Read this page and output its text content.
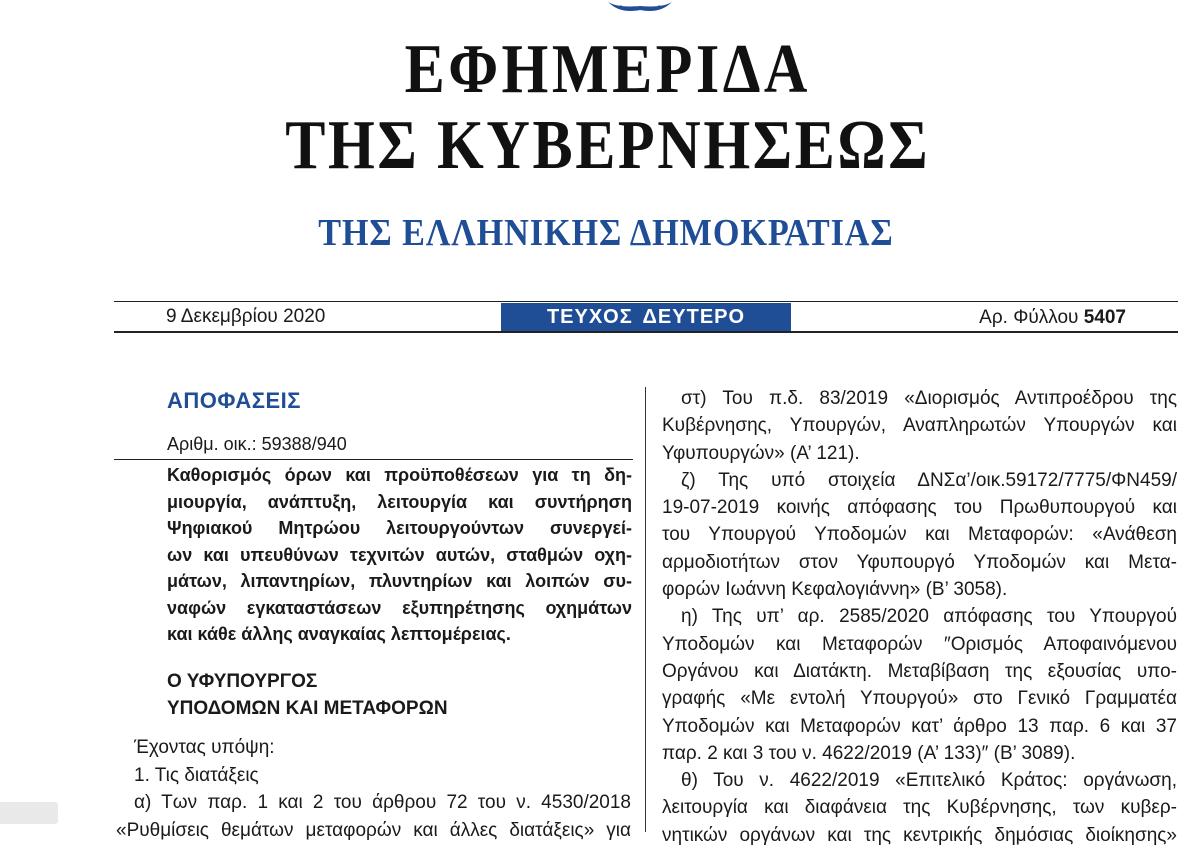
ΕΦΗΜΕΡΙΔΑ
ΤΗΣ ΚΥΒΕΡΝΗΣΕΩΣ
ΤΗΣ ΕΛΛΗΝΙΚΗΣ ΔΗΜΟΚΡΑΤΙΑΣ
9 Δεκεμβρίου 2020	ΤΕΥΧΟΣ ΔΕΥΤΕΡΟ	Αρ. Φύλλου 5407
ΑΠΟΦΑΣΕΙΣ
Αριθμ. οικ.: 59388/940
Καθορισμός όρων και προϋποθέσεων για τη δη-
μιουργία, ανάπτυξη, λειτουργία και συντήρηση
Ψηφιακού Μητρώου λειτουργούντων συνεργεί-
ων και υπευθύνων τεχνιτών αυτών, σταθμών οχη-
μάτων, λιπαντηρίων, πλυντηρίων και λοιπών συ-
ναφών εγκαταστάσεων εξυπηρέτησης οχημάτων
και κάθε άλλης αναγκαίας λεπτομέρειας.
Ο ΥΦΥΠΟΥΡΓΟΣ
ΥΠΟΔΟΜΩΝ ΚΑΙ ΜΕΤΑΦΟΡΩΝ
Έχοντας υπόψη:
1. Τις διατάξεις
α) Των παρ. 1 και 2 του άρθρου 72 του ν. 4530/2018
«Ρυθμίσεις θεμάτων μεταφορών και άλλες διατάξεις» για
στ) Του π.δ. 83/2019 «Διορισμός Αντιπροέδρου της
Κυβέρνησης, Υπουργών, Αναπληρωτών Υπουργών και
Υφυπουργών» (Α’ 121).
ζ) Της υπό στοιχεία ΔΝΣα’/οικ.59172/7775/ΦΝ459/
19-07-2019 κοινής απόφασης του Πρωθυπουργού και
του Υπουργού Υποδομών και Μεταφορών: «Ανάθεση
αρμοδιοτήτων στον Υφυπουργό Υποδομών και Μετα-
φορών Ιωάννη Κεφαλογιάννη» (Β’ 3058).
η) Της υπ’ αρ. 2585/2020 απόφασης του Υπουργού
Υποδομών και Μεταφορών ″Ορισμός Αποφαινόμενου
Οργάνου και Διατάκτη. Μεταβίβαση της εξουσίας υπο-
γραφής «Με εντολή Υπουργού» στο Γενικό Γραμματέα
Υποδομών και Μεταφορών κατ’ άρθρο 13 παρ. 6 και 37
παρ. 2 και 3 του ν. 4622/2019 (Α’ 133)″ (Β’ 3089).
θ) Του ν. 4622/2019 «Επιτελικό Κράτος: οργάνωση,
λειτουργία και διαφάνεια της Κυβέρνησης, των κυβερ-
νητικών οργάνων και της κεντρικής δημόσιας διοίκησης»
